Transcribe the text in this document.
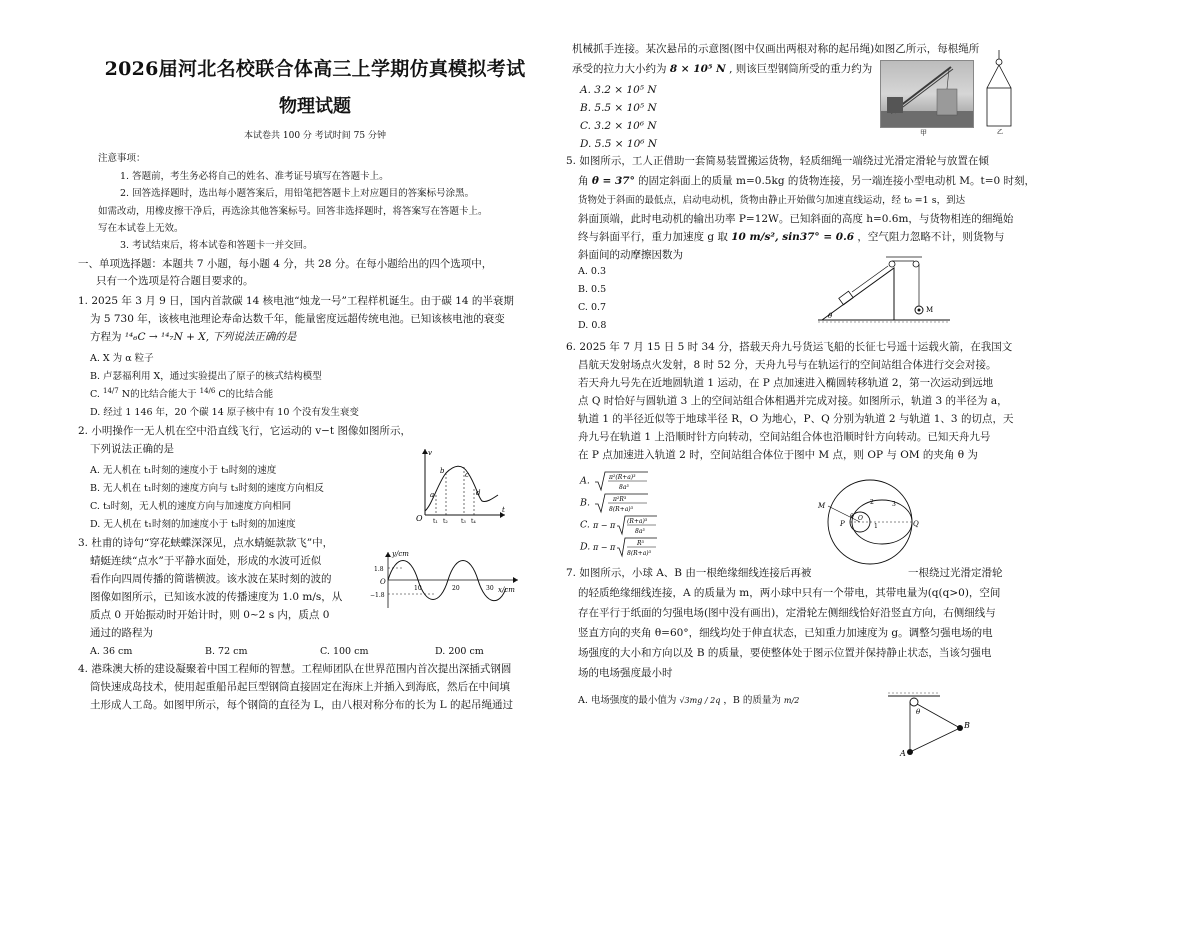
2026届河北名校联合体高三上学期仿真模拟考试
物理试题
本试卷共 100 分 考试时间 75 分钟
注意事项：
1. 答题前，考生务必将自己的姓名、准考证号填写在答题卡上。
2. 回答选择题时，选出每小题答案后，用铅笔把答题卡上对应题目的答案标号涂黑。
如需改动，用橡皮擦干净后，再选涂其他答案标号。回答非选择题时，将答案写在答题卡上。
写在本试卷上无效。
3. 考试结束后，将本试卷和答题卡一并交回。
一、单项选择题：本题共 7 小题，每小题 4 分，共 28 分。在每小题给出的四个选项中，
只有一个选项是符合题目要求的。
1. 2025 年 3 月 9 日，国内首款碳 14 核电池“烛龙一号”工程样机诞生。由于碳 14 的半衰期
为 5 730 年，该核电池理论寿命达数千年，能量密度远超传统电池。已知该核电池的衰变
方程为 ¹⁴₆C → ¹⁴₇N + X, 下列说法正确的是
A. X 为 α 粒子
B. 卢瑟福利用 X，通过实验提出了原子的核式结构模型
C. $^{14/7}$ N的比结合能大于 $^{14/6}$ C的比结合能
D. 经过 1 146 年，20 个碳 14 原子核中有 10 个没有发生衰变
2. 小明操作一无人机在空中沿直线飞行，它运动的 v−t 图像如图所示，
下列说法正确的是
A. 无人机在 t₁时刻的速度小于 t₃时刻的速度
B. 无人机在 t₁时刻的速度方向与 t₃时刻的速度方向相反
C. t₃时刻，无人机的速度方向与加速度方向相同
D. 无人机在 t₁时刻的加速度小于 t₃时刻的加速度
v
t
O
a
b	c
d
t₁ t₂ t₃ t₄
3. 杜甫的诗句“穿花蛱蝶深深见，点水蜻蜓款款飞”中，
蜻蜓连续“点水”于平静水面处，形成的水波可近似
看作向四周传播的简谐横波。该水波在某时刻的波的
图像如图所示，已知该水波的传播速度为 1.0 m/s，从
质点 0 开始振动时开始计时，则 0~2 s 内，质点 0
通过的路程为
A. 36 cm	B. 72 cm	C. 100 cm	D. 200 cm
y/cm
x/cm
O
1.8
−1.8
10	20	30
4. 港珠澳大桥的建设凝聚着中国工程师的智慧。工程师团队在世界范围内首次提出深插式钢圆
筒快速成岛技术，使用起重船吊起巨型钢筒直接固定在海床上并插入到海底，然后在中间填
土形成人工岛。如图甲所示，每个钢筒的直径为 L，由八根对称分布的长为 L 的起吊绳通过
机械抓手连接。某次悬吊的示意图(图中仅画出两根对称的起吊绳)如图乙所示，每根绳所
承受的拉力大小约为 8 × 10⁵ N , 则该巨型钢筒所受的重力约为
A. 3.2 × 10⁵ N
B. 5.5 × 10⁵ N
C. 3.2 × 10⁶ N
D. 5.5 × 10⁶ N
甲	乙
5. 如图所示，工人正借助一套简易装置搬运货物，轻质细绳一端绕过光滑定滑轮与放置在倾
角 θ = 37° 的固定斜面上的质量 m=0.5kg 的货物连接，另一端连接小型电动机 M。t=0 时刻，
货物处于斜面的最低点，启动电动机，货物由静止开始做匀加速直线运动，经 t₀ =1 s，到达
斜面顶端，此时电动机的输出功率 P=12W。已知斜面的高度 h=0.6m，与货物相连的细绳始
终与斜面平行，重力加速度 g 取 10 m/s², sin37° = 0.6 ，空气阻力忽略不计，则货物与
斜面间的动摩擦因数为
A. 0.3
B. 0.5
C. 0.7
D. 0.8
M
θ
6. 2025 年 7 月 15 日 5 时 34 分，搭载天舟九号货运飞船的长征七号遥十运载火箭，在我国文
昌航天发射场点火发射，8 时 52 分，天舟九号与在轨运行的空间站组合体进行交会对接。
若天舟九号先在近地圆轨道 1 运动，在 P 点加速进入椭圆转移轨道 2，第一次运动到远地
点 Q 时恰好与圆轨道 3 上的空间站组合体相遇并完成对接。如图所示，轨道 3 的半径为 a，
轨道 1 的半径近似等于地球半径 R，O 为地心，P、Q 分别为轨道 2 与轨道 1、3 的切点，天
舟九号在轨道 1 上沿顺时针方向转动，空间站组合体也沿顺时针方向转动。已知天舟九号
在 P 点加速进入轨道 2 时，空间站组合体位于图中 M 点，则 OP 与 OM 的夹角 θ 为
A.	π²(R+a)³
8a³
B.	π²R³
8(R+a)³
C. π − π (R+a)³
8a³
D. π − π	R³
8(R+a)³
M
P	Q
O
θ
1
2	3
7. 如图所示，小球 A、B 由一根绝缘细线连接后再被	一根绕过光滑定滑轮
的轻质绝缘细线连接，A 的质量为 m，两小球中只有一个带电，其带电量为(q(q>0)，空间
存在平行于纸面的匀强电场(图中没有画出)，定滑轮左侧细线恰好沿竖直方向，右侧细线与
竖直方向的夹角 θ=60°，细线均处于伸直状态，已知重力加速度为 g。调整匀强电场的电
场强度的大小和方向以及 B 的质量，要使整体处于图示位置并保持静止状态，当该匀强电
场的电场强度最小时
A. 电场强度的最小值为 √3mg / 2q ，B 的质量为 m/2
A
B
θ
